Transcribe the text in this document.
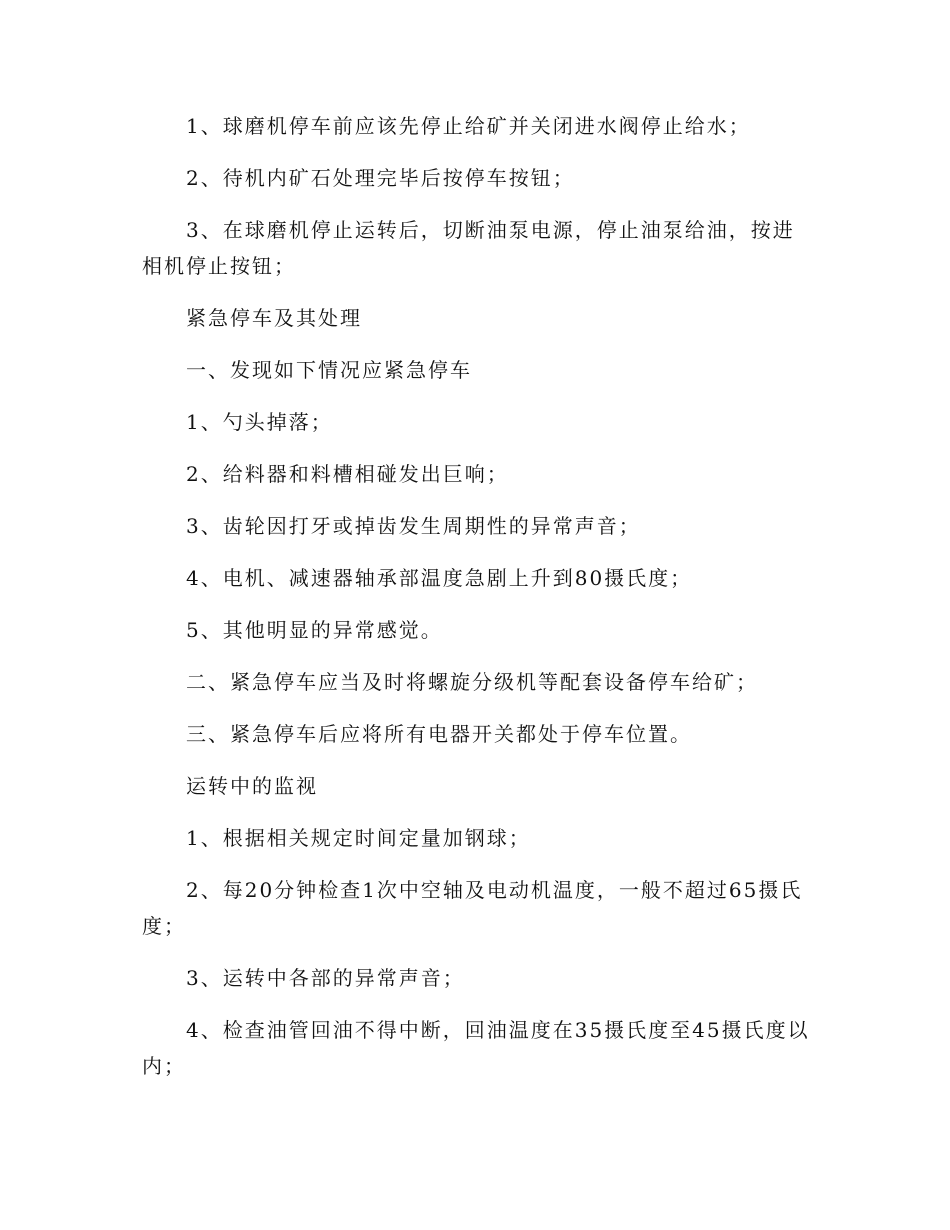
1、球磨机停车前应该先停止给矿并关闭进水阀停止给水；

2、待机内矿石处理完毕后按停车按钮；

3、在球磨机停止运转后，切断油泵电源，停止油泵给油，按进相机停止按钮；

紧急停车及其处理

一、发现如下情况应紧急停车

1、勺头掉落；

2、给料器和料槽相碰发出巨响；

3、齿轮因打牙或掉齿发生周期性的异常声音；

4、电机、减速器轴承部温度急剧上升到80摄氏度；

5、其他明显的异常感觉。

二、紧急停车应当及时将螺旋分级机等配套设备停车给矿；

三、紧急停车后应将所有电器开关都处于停车位置。

运转中的监视

1、根据相关规定时间定量加钢球；

2、每20分钟检查1次中空轴及电动机温度，一般不超过65摄氏度；

3、运转中各部的异常声音；

4、检查油管回油不得中断，回油温度在35摄氏度至45摄氏度以内；
